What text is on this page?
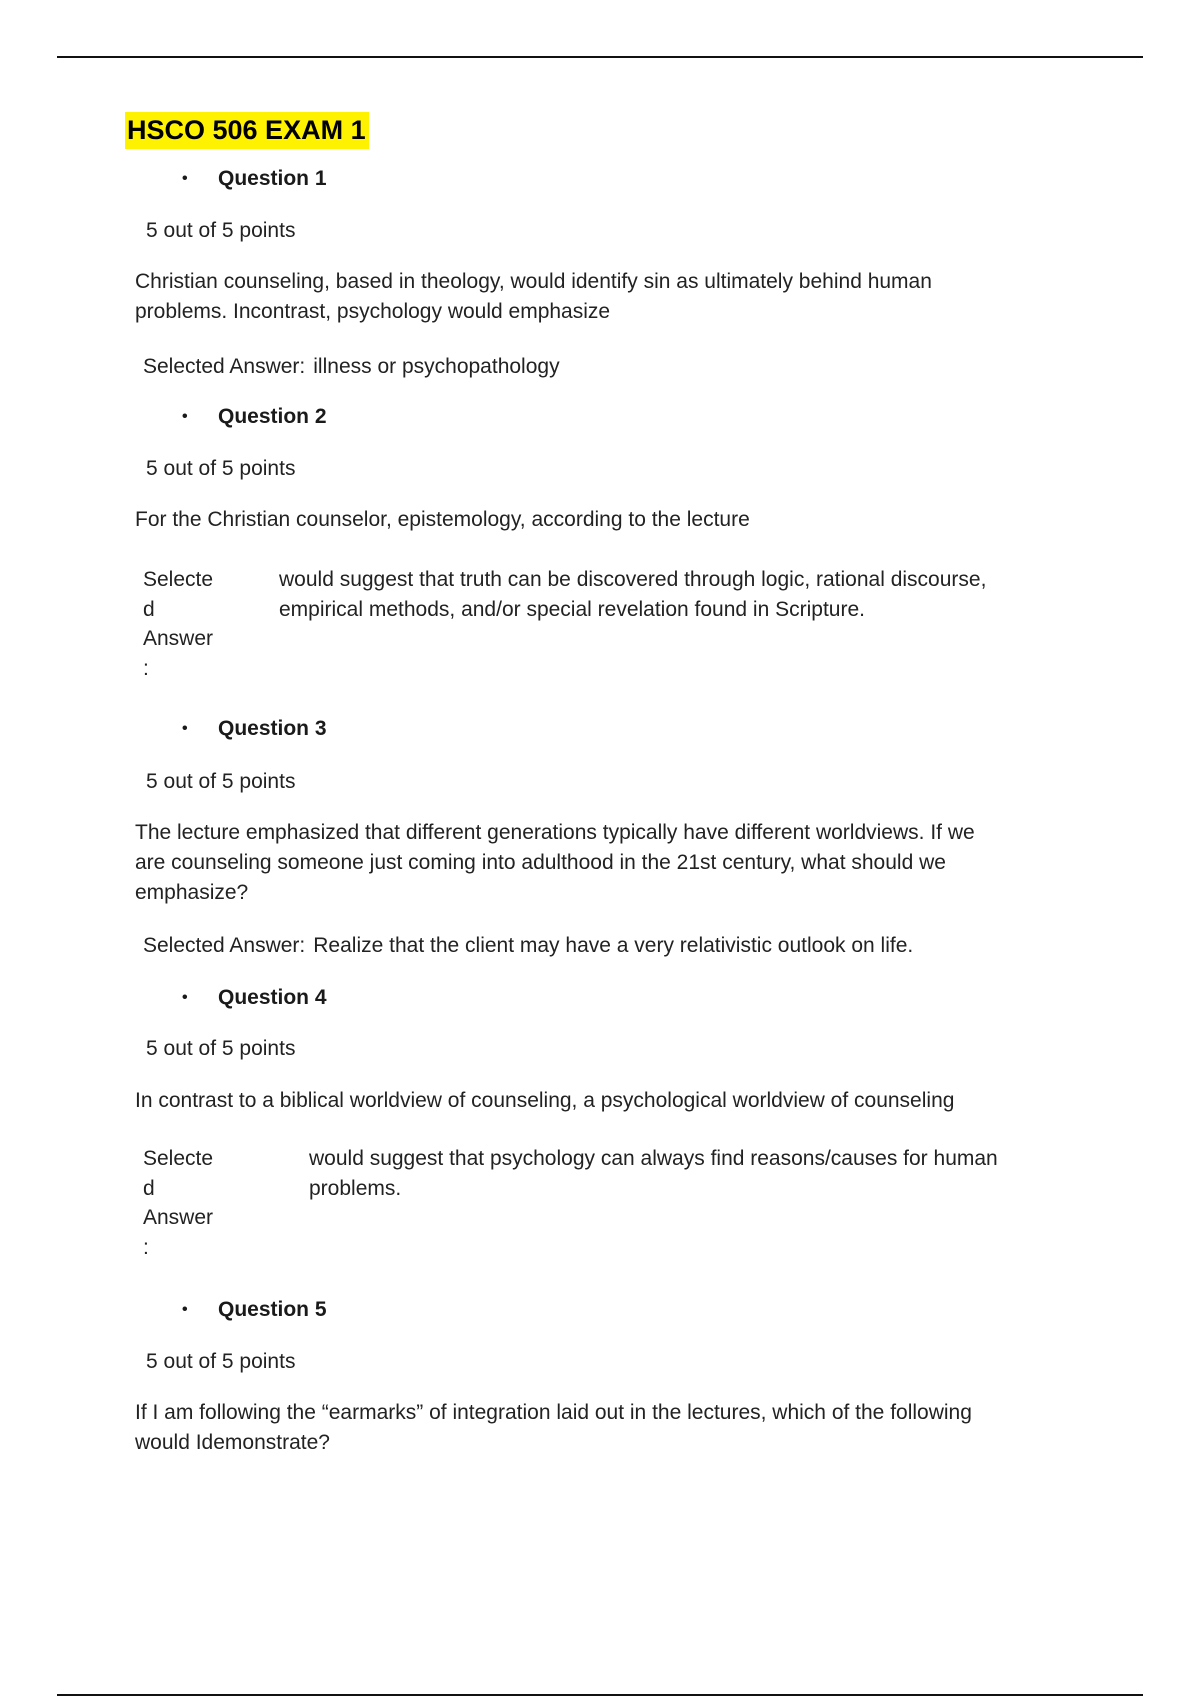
HSCO 506 EXAM 1
• Question 1
5 out of 5 points
Christian counseling, based in theology, would identify sin as ultimately behind human
problems. Incontrast, psychology would emphasize
Selected Answer: illness or psychopathology
• Question 2
5 out of 5 points
For the Christian counselor, epistemology, according to the lecture
Selecte
d
Answer
:
would suggest that truth can be discovered through logic, rational discourse,
empirical methods, and/or special revelation found in Scripture.
• Question 3
5 out of 5 points
The lecture emphasized that different generations typically have different worldviews. If we
are counseling someone just coming into adulthood in the 21st century, what should we
emphasize?
Selected Answer: Realize that the client may have a very relativistic outlook on life.
• Question 4
5 out of 5 points
In contrast to a biblical worldview of counseling, a psychological worldview of counseling
Selecte
d
Answer
:
would suggest that psychology can always find reasons/causes for human
problems.
• Question 5
5 out of 5 points
If I am following the “earmarks” of integration laid out in the lectures, which of the following
would Idemonstrate?
